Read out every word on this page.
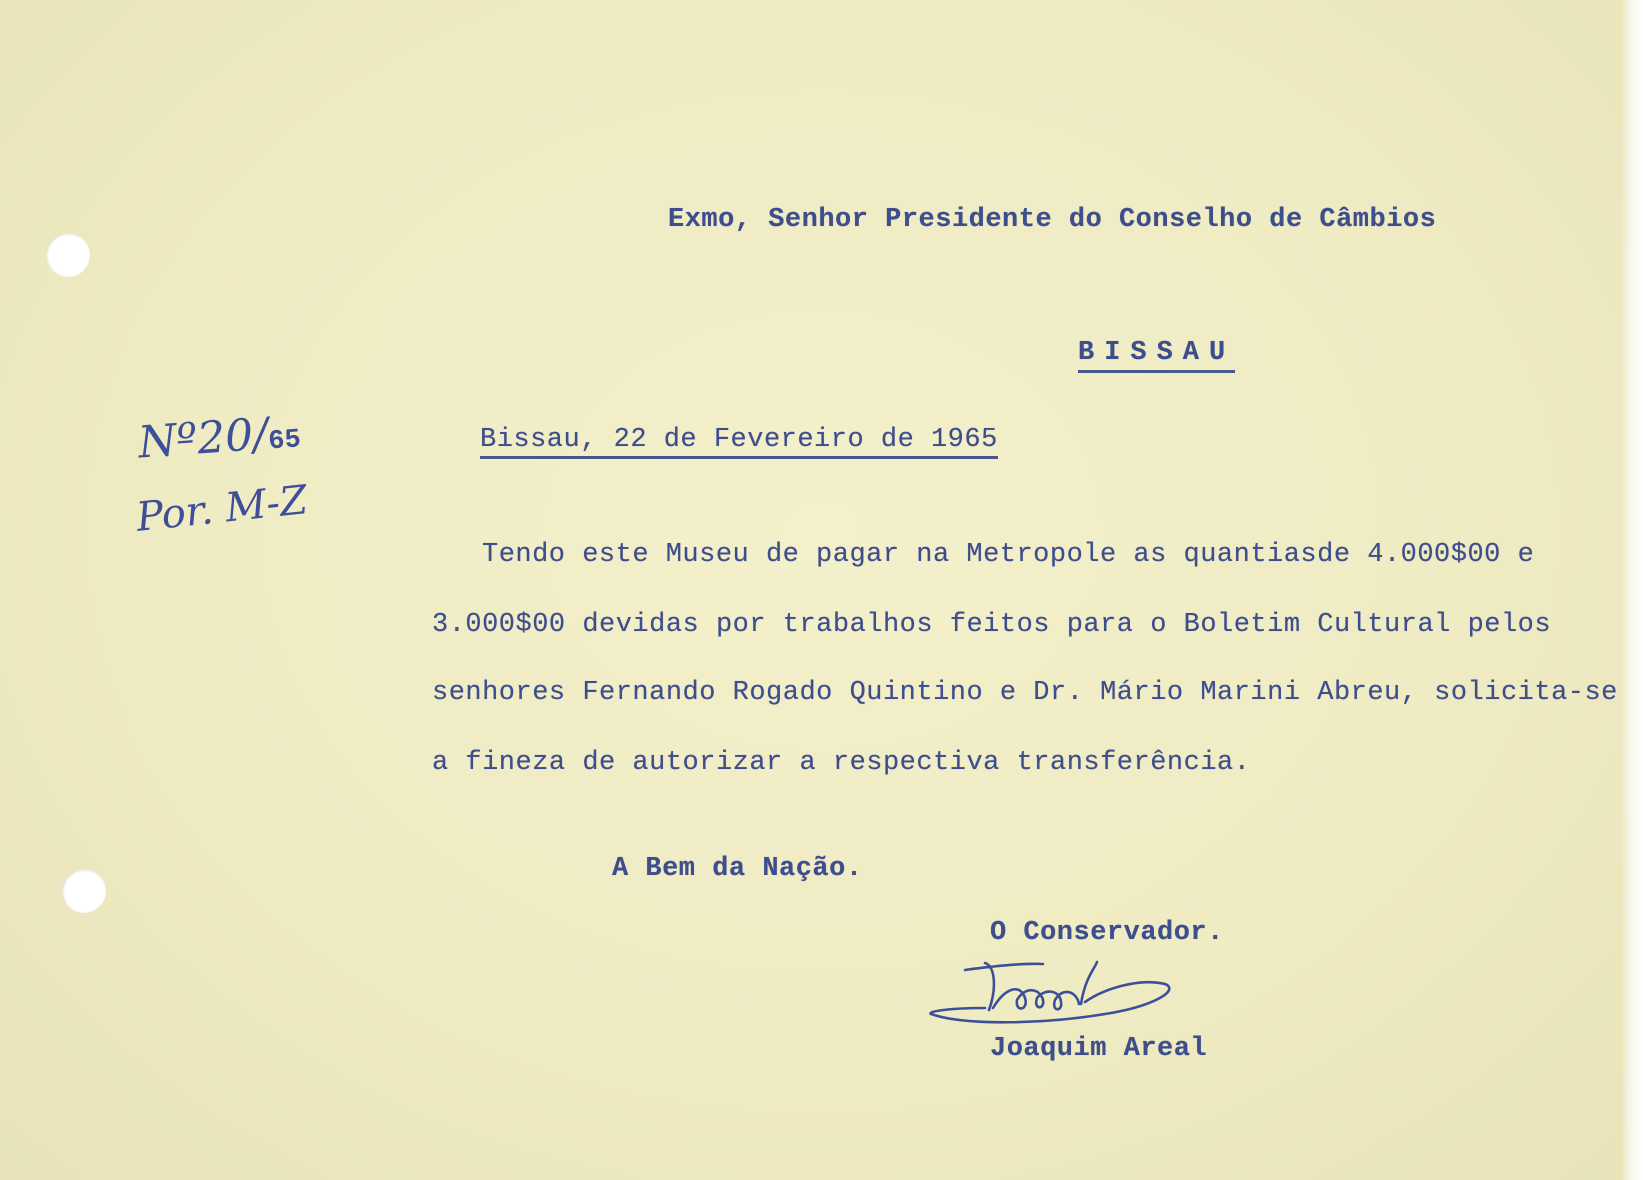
Exmo, Senhor Presidente do Conselho de Câmbios
BISSAU
Nº20/65
Por. M-Z
Bissau, 22 de Fevereiro de 1965
Tendo este Museu de pagar na Metropole as quantiasde 4.000$00 e
3.000$00 devidas por trabalhos feitos para o Boletim Cultural pelos
senhores Fernando Rogado Quintino e Dr. Mário Marini Abreu, solicita-se
a fineza de autorizar a respectiva transferência.
A Bem da Nação.
O Conservador.
Joaquim Areal
